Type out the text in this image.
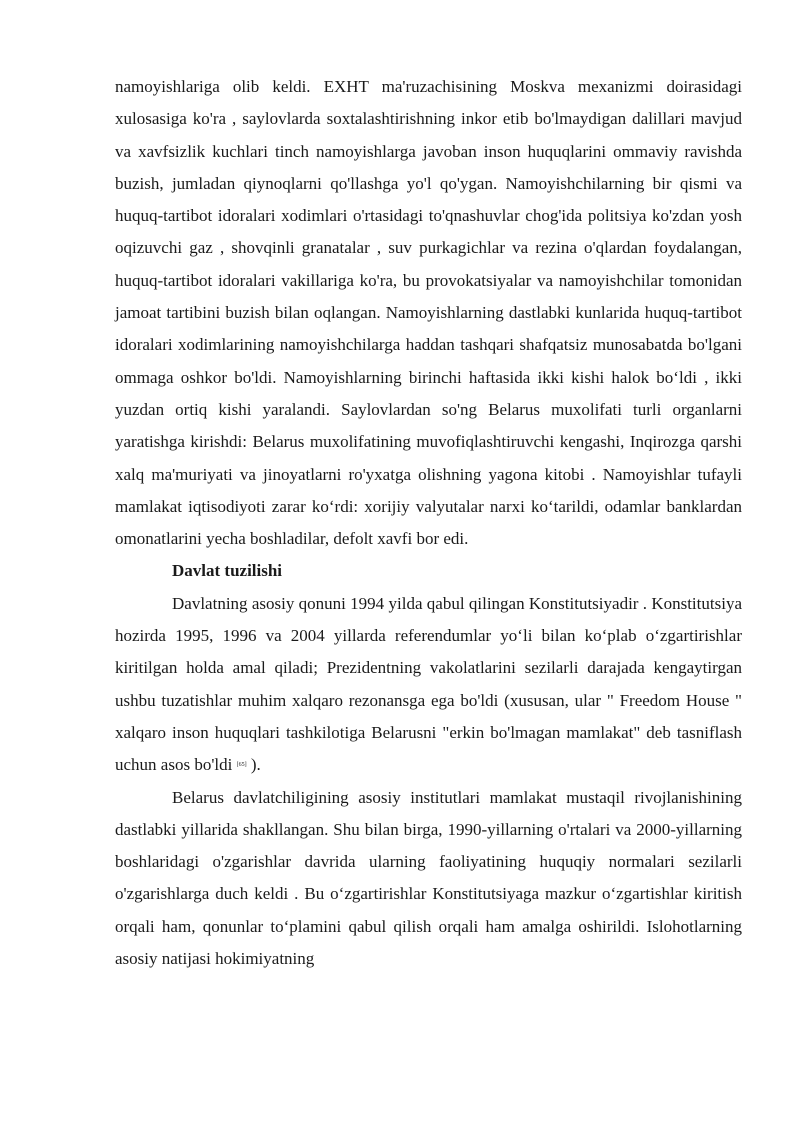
namoyishlariga olib keldi. EXHT ma'ruzachisining Moskva mexanizmi doirasidagi xulosasiga ko'ra , saylovlarda soxtalashtirishning inkor etib bo'lmaydigan dalillari mavjud va xavfsizlik kuchlari tinch namoyishlarga javoban inson huquqlarini ommaviy ravishda buzish, jumladan qiynoqlarni qo'llashga yo'l qo'ygan. Namoyishchilarning bir qismi va huquq-tartibot idoralari xodimlari o'rtasidagi to'qnashuvlar chog'ida politsiya ko'zdan yosh oqizuvchi gaz , shovqinli granatalar , suv purkagichlar va rezina o'qlardan foydalangan, huquq-tartibot idoralari vakillariga ko'ra, bu provokatsiyalar va namoyishchilar tomonidan jamoat tartibini buzish bilan oqlangan. Namoyishlarning dastlabki kunlarida huquq-tartibot idoralari xodimlarining namoyishchilarga haddan tashqari shafqatsiz munosabatda bo'lgani ommaga oshkor bo'ldi. Namoyishlarning birinchi haftasida ikki kishi halok bo‘ldi , ikki yuzdan ortiq kishi yaralandi. Saylovlardan so'ng Belarus muxolifati turli organlarni yaratishga kirishdi: Belarus muxolifatining muvofiqlashtiruvchi kengashi, Inqirozga qarshi xalq ma'muriyati va jinoyatlarni ro'yxatga olishning yagona kitobi . Namoyishlar tufayli mamlakat iqtisodiyoti zarar ko‘rdi: xorijiy valyutalar narxi ko‘tarildi, odamlar banklardan omonatlarini yecha boshladilar, defolt xavfi bor edi.

Davlat tuzilishi

Davlatning asosiy qonuni 1994 yilda qabul qilingan Konstitutsiyadir . Konstitutsiya hozirda 1995, 1996 va 2004 yillarda referendumlar yo‘li bilan ko‘plab o‘zgartirishlar kiritilgan holda amal qiladi; Prezidentning vakolatlarini sezilarli darajada kengaytirgan ushbu tuzatishlar muhim xalqaro rezonansga ega bo'ldi (xususan, ular " Freedom House " xalqaro inson huquqlari tashkilotiga Belarusni "erkin bo'lmagan mamlakat" deb tasniflash uchun asos bo'ldi [65] ).

Belarus davlatchiligining asosiy institutlari mamlakat mustaqil rivojlanishining dastlabki yillarida shakllangan. Shu bilan birga, 1990-yillarning o'rtalari va 2000-yillarning boshlaridagi o'zgarishlar davrida ularning faoliyatining huquqiy normalari sezilarli o'zgarishlarga duch keldi . Bu o‘zgartirishlar Konstitutsiyaga mazkur o‘zgartishlar kiritish orqali ham, qonunlar to‘plamini qabul qilish orqali ham amalga oshirildi. Islohotlarning asosiy natijasi hokimiyatning
